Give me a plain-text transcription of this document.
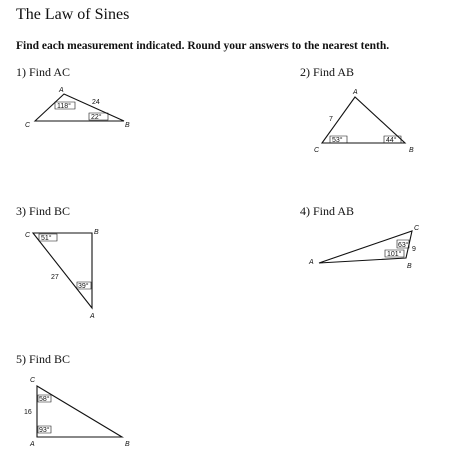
The Law of Sines
Find each measurement indicated. Round your answers to the nearest tenth.
1) Find AC
A
B
C
118°
22°
24
2) Find AB
A
B
C
53°	44°
7
3) Find BC
C	B
A
51°
39°
27
4) Find AB
C
B
A
63°
101°
9
5) Find BC
C
A	B
58°
93°
16
